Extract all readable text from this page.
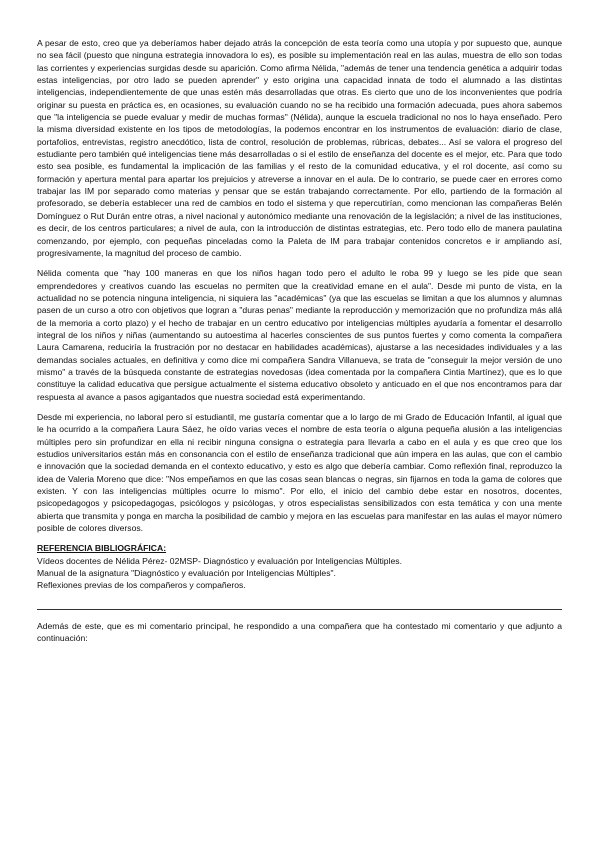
A pesar de esto, creo que ya deberíamos haber dejado atrás la concepción de esta teoría como una utopía y por supuesto que, aunque no sea fácil (puesto que ninguna estrategia innovadora lo es), es posible su implementación real en las aulas, muestra de ello son todas las corrientes y experiencias surgidas desde su aparición. Como afirma Nélida, "además de tener una tendencia genética a adquirir todas estas inteligencias, por otro lado se pueden aprender" y esto origina una capacidad innata de todo el alumnado a las distintas inteligencias, independientemente de que unas estén más desarrolladas que otras. Es cierto que uno de los inconvenientes que podría originar su puesta en práctica es, en ocasiones, su evaluación cuando no se ha recibido una formación adecuada, pues ahora sabemos que "la inteligencia se puede evaluar y medir de muchas formas" (Nélida), aunque la escuela tradicional no nos lo haya enseñado. Pero la misma diversidad existente en los tipos de metodologías, la podemos encontrar en los instrumentos de evaluación: diario de clase, portafolios, entrevistas, registro anecdótico, lista de control, resolución de problemas, rúbricas, debates... Así se valora el progreso del estudiante pero también qué inteligencias tiene más desarrolladas o si el estilo de enseñanza del docente es el mejor, etc. Para que todo esto sea posible, es fundamental la implicación de las familias y el resto de la comunidad educativa, y el rol docente, así como su formación y apertura mental para apartar los prejuicios y atreverse a innovar en el aula. De lo contrario, se puede caer en errores como trabajar las IM por separado como materias y pensar que se están trabajando correctamente. Por ello, partiendo de la formación al profesorado, se debería establecer una red de cambios en todo el sistema y que repercutirían, como mencionan las compañeras Belén Domínguez o Rut Durán entre otras, a nivel nacional y autonómico mediante una renovación de la legislación; a nivel de las instituciones, es decir, de los centros particulares; a nivel de aula, con la introducción de distintas estrategias, etc. Pero todo ello de manera paulatina comenzando, por ejemplo, con pequeñas pinceladas como la Paleta de IM para trabajar contenidos concretos e ir ampliando así, progresivamente, la magnitud del proceso de cambio.

Nélida comenta que "hay 100 maneras en que los niños hagan todo pero el adulto le roba 99 y luego se les pide que sean emprendedores y creativos cuando las escuelas no permiten que la creatividad emane en el aula". Desde mi punto de vista, en la actualidad no se potencia ninguna inteligencia, ni siquiera las "académicas" (ya que las escuelas se limitan a que los alumnos y alumnas pasen de un curso a otro con objetivos que logran a "duras penas" mediante la reproducción y memorización que no profundiza más allá de la memoria a corto plazo) y el hecho de trabajar en un centro educativo por inteligencias múltiples ayudaría a fomentar el desarrollo integral de los niños y niñas (aumentando su autoestima al hacerles conscientes de sus puntos fuertes y como comenta la compañera Laura Camarena, reduciría la frustración por no destacar en habilidades académicas), ajustarse a las necesidades individuales y a las demandas sociales actuales, en definitiva y como dice mi compañera Sandra Villanueva, se trata de "conseguir la mejor versión de uno mismo" a través de la búsqueda constante de estrategias novedosas (idea comentada por la compañera Cintia Martínez), que es lo que constituye la calidad educativa que persigue actualmente el sistema educativo obsoleto y anticuado en el que nos encontramos para dar respuesta al avance a pasos agigantados que nuestra sociedad está experimentando.

Desde mi experiencia, no laboral pero sí estudiantil, me gustaría comentar que a lo largo de mi Grado de Educación Infantil, al igual que le ha ocurrido a la compañera Laura Sáez, he oído varias veces el nombre de esta teoría o alguna pequeña alusión a las inteligencias múltiples pero sin profundizar en ella ni recibir ninguna consigna o estrategia para llevarla a cabo en el aula y es que creo que los estudios universitarios están más en consonancia con el estilo de enseñanza tradicional que aún impera en las aulas, que con el cambio e innovación que la sociedad demanda en el contexto educativo, y esto es algo que debería cambiar. Como reflexión final, reproduzco la idea de Valeria Moreno que dice: "Nos empeñamos en que las cosas sean blancas o negras, sin fijarnos en toda la gama de colores que existen. Y con las inteligencias múltiples ocurre lo mismo". Por ello, el inicio del cambio debe estar en nosotros, docentes, psicopedagogos y psicopedagogas, psicólogos y psicólogas, y otros especialistas sensibilizados con esta temática y con una mente abierta que transmita y ponga en marcha la posibilidad de cambio y mejora en las escuelas para manifestar en las aulas el mayor número posible de colores diversos.

REFERENCIA BIBLIOGRÁFICA:

Vídeos docentes de Nélida Pérez- 02MSP- Diagnóstico y evaluación por Inteligencias Múltiples.

Manual de la asignatura "Diagnóstico y evaluación por Inteligencias Múltiples".

Reflexiones previas de los compañeros y compañeros.

Además de este, que es mi comentario principal, he respondido a una compañera que ha contestado mi comentario y que adjunto a continuación:
